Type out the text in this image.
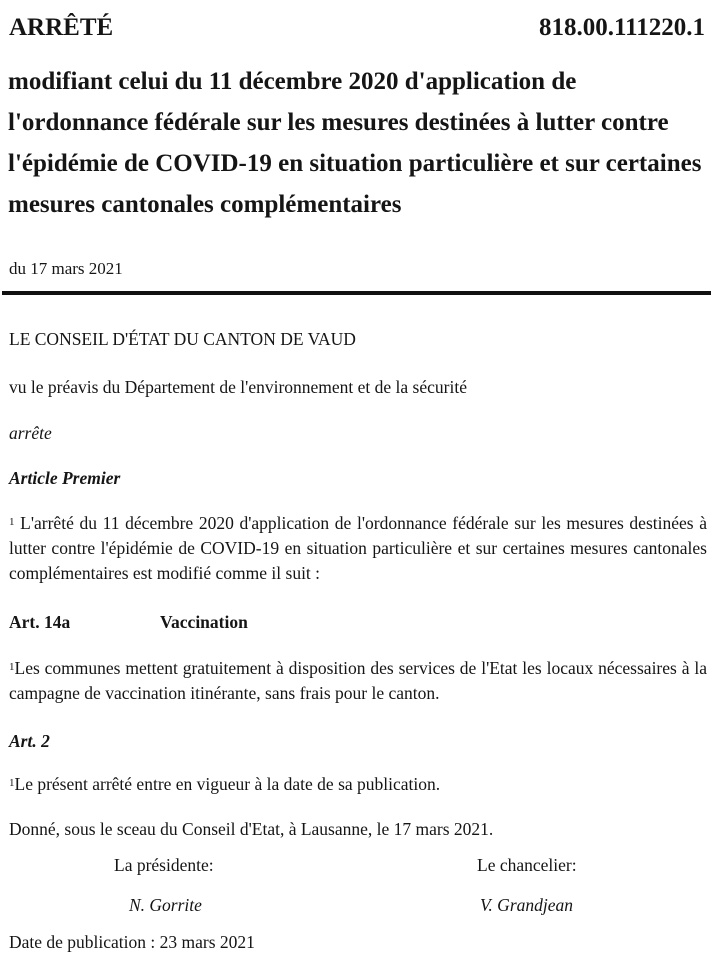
ARRÊTÉ	818.00.111220.1
modifiant celui du 11 décembre 2020 d'application de l'ordonnance fédérale sur les mesures destinées à lutter contre l'épidémie de COVID-19 en situation particulière et sur certaines mesures cantonales complémentaires
du 17 mars 2021
LE CONSEIL D'ÉTAT DU CANTON DE VAUD
vu le préavis du Département de l'environnement et de la sécurité
arrête
Article Premier
$^1$ L'arrêté du 11 décembre 2020 d'application de l'ordonnance fédérale sur les mesures destinées à lutter contre l'épidémie de COVID-19 en situation particulière et sur certaines mesures cantonales complémentaires est modifié comme il suit :
Art. 14a	Vaccination
$^1$Les communes mettent gratuitement à disposition des services de l'Etat les locaux nécessaires à la campagne de vaccination itinérante, sans frais pour le canton.
Art. 2
$^1$Le présent arrêté entre en vigueur à la date de sa publication.
Donné, sous le sceau du Conseil d'Etat, à Lausanne, le 17 mars 2021.
La présidente:	Le chancelier:
N. Gorrite	V. Grandjean
Date de publication : 23 mars 2021
